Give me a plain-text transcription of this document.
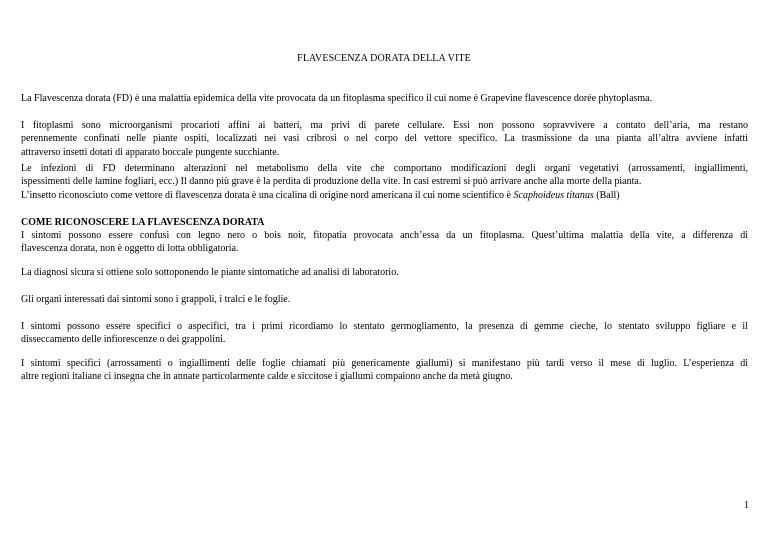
FLAVESCENZA DORATA DELLA VITE

La Flavescenza dorata (FD) è una malattia epidemica della vite provocata da un fitoplasma specifico il cui nome è Grapevine flavescence dorée phytoplasma.

I fitoplasmi sono microorganismi procarioti affini ai batteri, ma privi di parete cellulare. Essi non possono sopravvivere a contato dell’aria, ma restano
perennemente confinati nelle piante ospiti, localizzati nei vasi cribrosi o nel corpo del vettore specifico. La trasmissione da una pianta all’altra avviene infatti
attraverso insetti dotati di apparato boccale pungente succhiante.

Le infezioni di FD determinano alterazioni nel metabolismo della vite che comportano modificazioni degli organi vegetativi (arrossamenti, ingiallimenti,
ispessimenti delle lamine fogliari, ecc.) Il danno più grave è la perdita di produzione della vite. In casi estremi si può arrivare anche alla morte della pianta.
L’insetto riconosciuto come vettore di flavescenza dorata è una cicalina di origine nord americana il cui nome scientifico è Scaphoideus titanus (Ball)

COME RICONOSCERE LA FLAVESCENZA DORATA

I sintomi possono essere confusi con legno nero o bois noir, fitopatia provocata anch’essa da un fitoplasma. Quest’ultima malattia della vite, a differenza di
flavescenza dorata, non è oggetto di lotta obbligatoria.

La diagnosi sicura si ottiene solo sottoponendo le piante sintomatiche ad analisi di laboratorio.

Gli organi interessati dai sintomi sono i grappoli, i tralci e le foglie.

I sintomi possono essere specifici o aspecifici, tra i primi ricordiamo lo stentato germogliamento, la presenza di gemme cieche, lo stentato sviluppo figliare e il
disseccamento delle infiorescenze o dei grappolini.

I sintomi specifici (arrossamenti o ingiallimenti delle foglie chiamati più genericamente giallumi) si manifestano più tardi verso il mese di luglio. L’esperienza di
altre regioni italiane ci insegna che in annate particolarmente calde e siccitose i giallumi compaiono anche da metà giugno.

1
